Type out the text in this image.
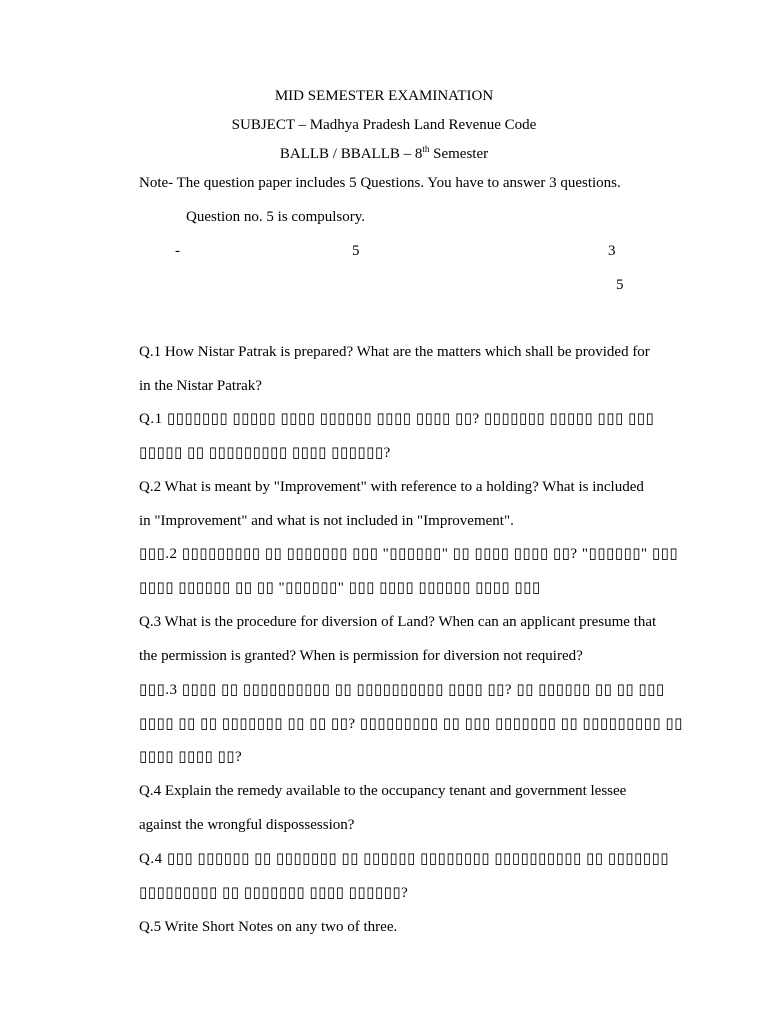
MID SEMESTER EXAMINATION
SUBJECT – Madhya Pradesh Land Revenue Code
BALLB / BBALLB – 8th Semester
Note- The question paper includes 5 Questions. You have to answer 3 questions.
Question no. 5 is compulsory.
-	5	3
5
Q.1 How Nistar Patrak is prepared? What are the matters which shall be provided for
in the Nistar Patrak?
Q.1 ▯▯▯▯▯▯▯ ▯▯▯▯▯ ▯▯▯▯ ▯▯▯▯▯▯ ▯▯▯▯ ▯▯▯▯ ▯▯? ▯▯▯▯▯▯▯ ▯▯▯▯▯ ▯▯▯ ▯▯▯
▯▯▯▯▯ ▯▯ ▯▯▯▯▯▯▯▯▯ ▯▯▯▯ ▯▯▯▯▯▯?
Q.2 What is meant by "Improvement" with reference to a holding? What is included
in "Improvement" and what is not included in "Improvement".
▯▯▯.2 ▯▯▯▯▯▯▯▯▯ ▯▯ ▯▯▯▯▯▯▯ ▯▯▯ "▯▯▯▯▯▯" ▯▯ ▯▯▯▯ ▯▯▯▯ ▯▯? "▯▯▯▯▯▯" ▯▯▯
▯▯▯▯ ▯▯▯▯▯▯ ▯▯ ▯▯ "▯▯▯▯▯▯" ▯▯▯ ▯▯▯▯ ▯▯▯▯▯▯ ▯▯▯▯ ▯▯▯
Q.3 What is the procedure for diversion of Land? When can an applicant presume that
the permission is granted? When is permission for diversion not required?
▯▯▯.3 ▯▯▯▯ ▯▯ ▯▯▯▯▯▯▯▯▯▯ ▯▯ ▯▯▯▯▯▯▯▯▯▯ ▯▯▯▯ ▯▯? ▯▯ ▯▯▯▯▯▯ ▯▯ ▯▯ ▯▯▯
▯▯▯▯ ▯▯ ▯▯ ▯▯▯▯▯▯▯ ▯▯ ▯▯ ▯▯? ▯▯▯▯▯▯▯▯▯ ▯▯ ▯▯▯ ▯▯▯▯▯▯▯ ▯▯ ▯▯▯▯▯▯▯▯▯ ▯▯
▯▯▯▯ ▯▯▯▯ ▯▯?
Q.4 Explain the remedy available to the occupancy tenant and government lessee
against the wrongful dispossession?
Q.4 ▯▯▯ ▯▯▯▯▯▯ ▯▯ ▯▯▯▯▯▯▯ ▯▯ ▯▯▯▯▯▯ ▯▯▯▯▯▯▯▯ ▯▯▯▯▯▯▯▯▯▯ ▯▯ ▯▯▯▯▯▯▯
▯▯▯▯▯▯▯▯▯ ▯▯ ▯▯▯▯▯▯▯ ▯▯▯▯ ▯▯▯▯▯▯?
Q.5 Write Short Notes on any two of three.
